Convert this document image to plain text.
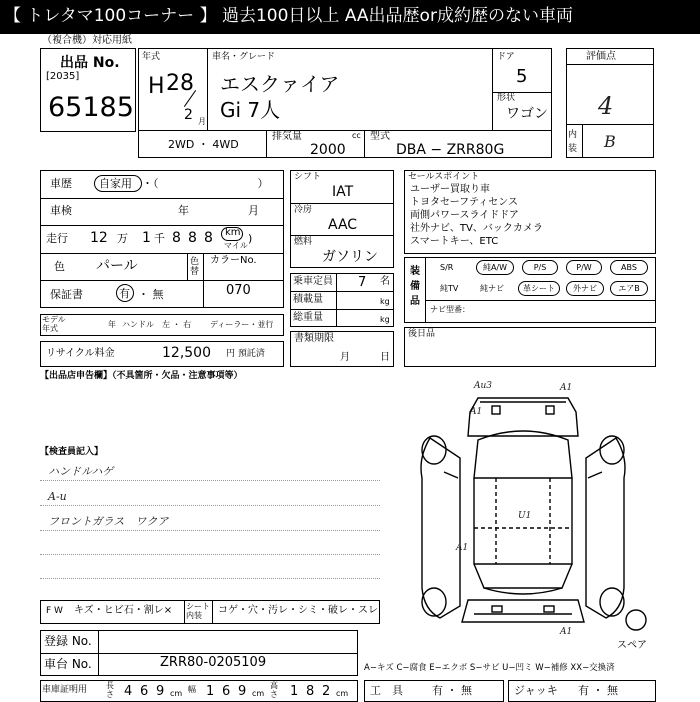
【 トレタマ100コーナー 】 過去100日以上 AA出品歴or成約歴のない車両
（複合機）対応用紙
出品 No.
[2035]
65185
年式
H 28
2 月
車名・グレード
エスクァイア
Gi 7人
ドア
5
形状
ワゴン
2WD ・ 4WD
排気量	cc
2000
型式
DBA − ZRR80G
評価点
4
内装 B
車歴 自家用 ・（　　　　　　　　　）
車検	年	月
走行 12 万 1 千 8 8 8 km
マイル
)
色 パール	色替
カラーNo.
070
保証書	有 ・ 無
モデル年式	年 ハンドル　左 ・ 右 ディーラー・並行
リサイクル料金	12,500 円 預託済
シフト
IAT
冷房
AAC
燃料
ガソリン
乗車定員 7 名
積載量	kg
総重量	kg
書類期限
月	日
セールスポイント
ユーザー買取り車
トヨタセーフティセンス
両側パワースライドドア
社外ナビ、TV、バックカメラ
スマートキー、ETC
装備品
S/R	純A/W	P/S	P/W	ABS
純TV	純ナビ	革シート	外ナビ	エアB
ナビ型番：
後日品
【出品店申告欄】（不具箇所・欠品・注意事項等）
【検査員記入】
ハンドルハゲ
A-u
フロントガラス　ワクア
Au3	A1
A1
U1
A1
A1
スペア
F W キズ・ヒビ石・割レ× シート内装	コゲ・穴・汚レ・シミ・破レ・スレ
登録 No.
車台 No.	ZRR80-0205109	A−キズ C−腐食 E−エクボ S−サビ U−凹ミ W−補修 XX−交換済
車庫証明用 長さ 4 6 9 cm 幅 1 6 9 cm
高さ 1 8 2 cm 工　具	有 ・ 無	ジャッキ 有 ・ 無
